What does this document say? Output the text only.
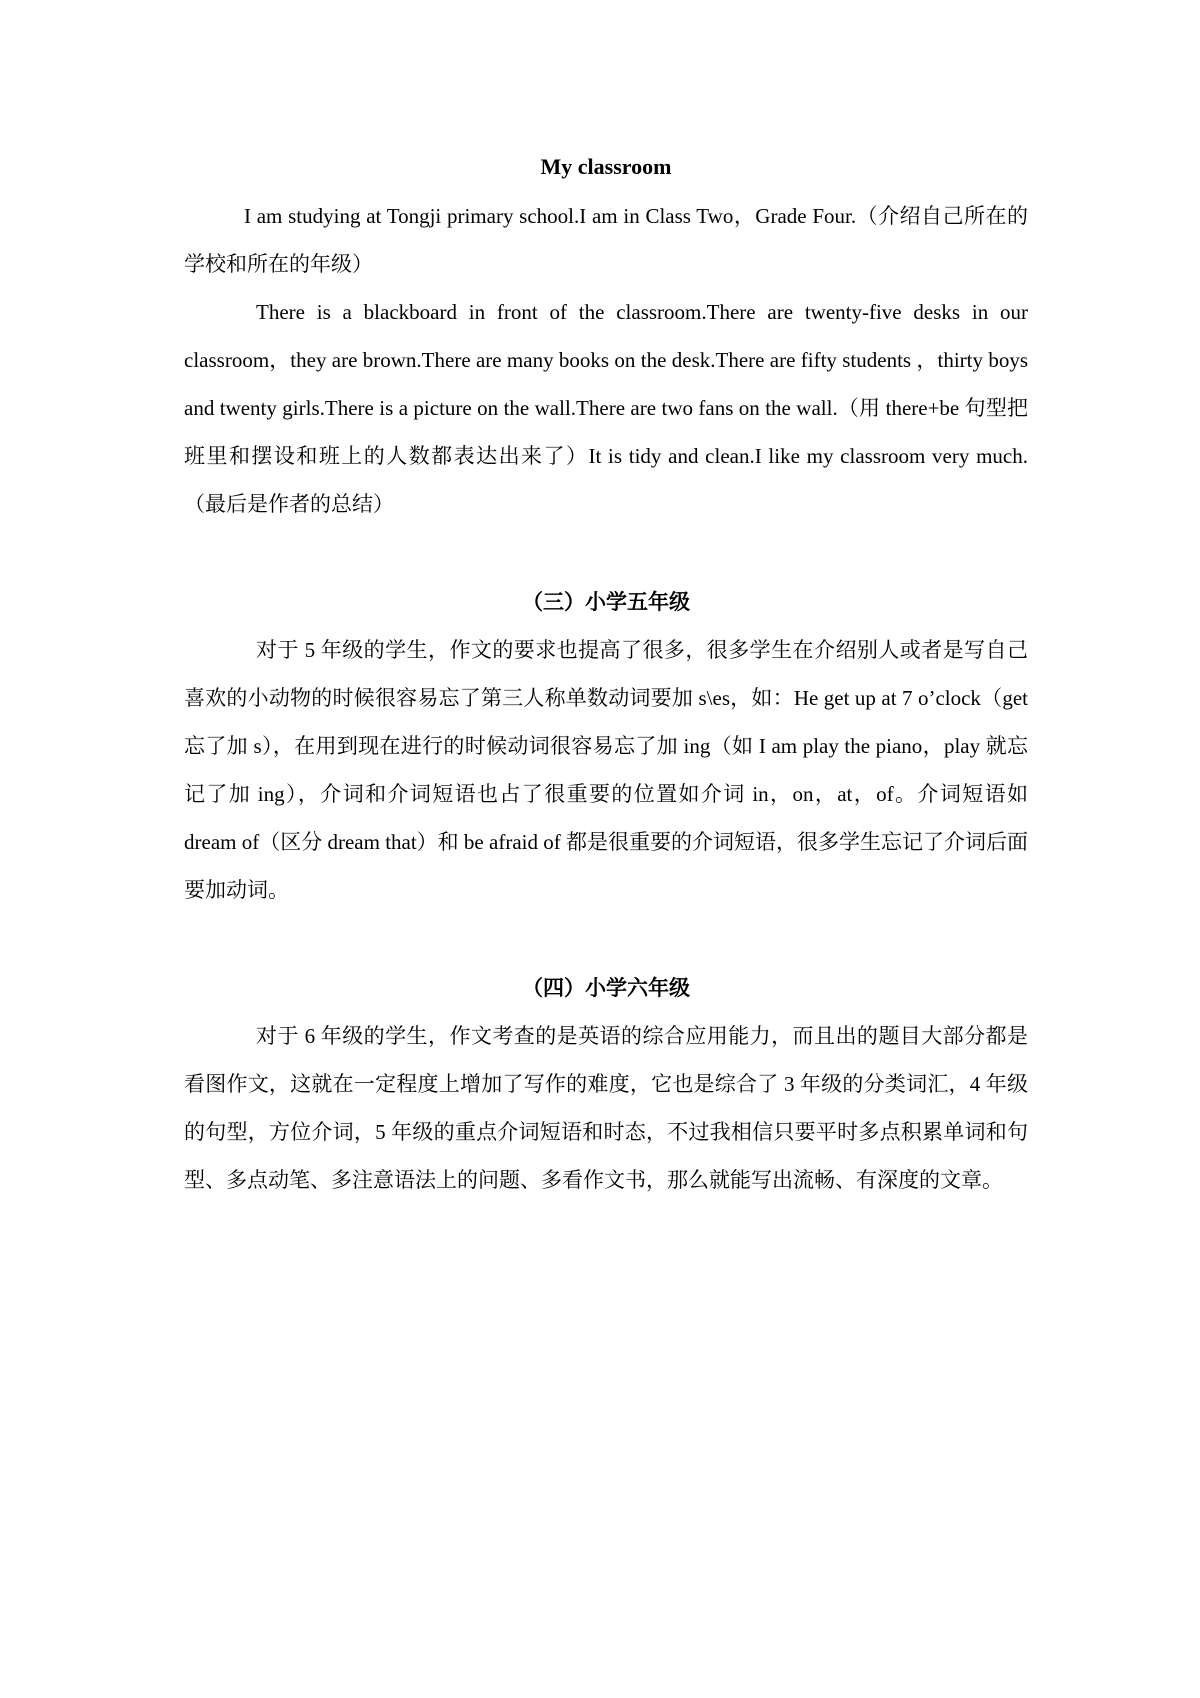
My classroom

I am studying at Tongji primary school.I am in Class Two，Grade Four.（介绍自己所在的学校和所在的年级）

There is a blackboard in front of the classroom.There are twenty-five desks in our classroom，they are brown.There are many books on the desk.There are fifty students ，thirty boys and twenty girls.There is a picture on the wall.There are two fans on the wall.（用 there+be 句型把班里和摆设和班上的人数都表达出来了）It is tidy and clean.I like my classroom very much.（最后是作者的总结）

（三）小学五年级

对于 5 年级的学生，作文的要求也提高了很多，很多学生在介绍别人或者是写自己喜欢的小动物的时候很容易忘了第三人称单数动词要加 s\es，如：He get up at 7 o’clock（get 忘了加 s），在用到现在进行的时候动词很容易忘了加 ing（如 I am play the piano，play 就忘记了加 ing），介词和介词短语也占了很重要的位置如介词 in，on，at，of。介词短语如 dream of（区分 dream that）和 be afraid of 都是很重要的介词短语，很多学生忘记了介词后面要加动词。

（四）小学六年级

对于 6 年级的学生，作文考查的是英语的综合应用能力，而且出的题目大部分都是看图作文，这就在一定程度上增加了写作的难度，它也是综合了 3 年级的分类词汇，4 年级的句型，方位介词，5 年级的重点介词短语和时态，不过我相信只要平时多点积累单词和句型、多点动笔、多注意语法上的问题、多看作文书，那么就能写出流畅、有深度的文章。
